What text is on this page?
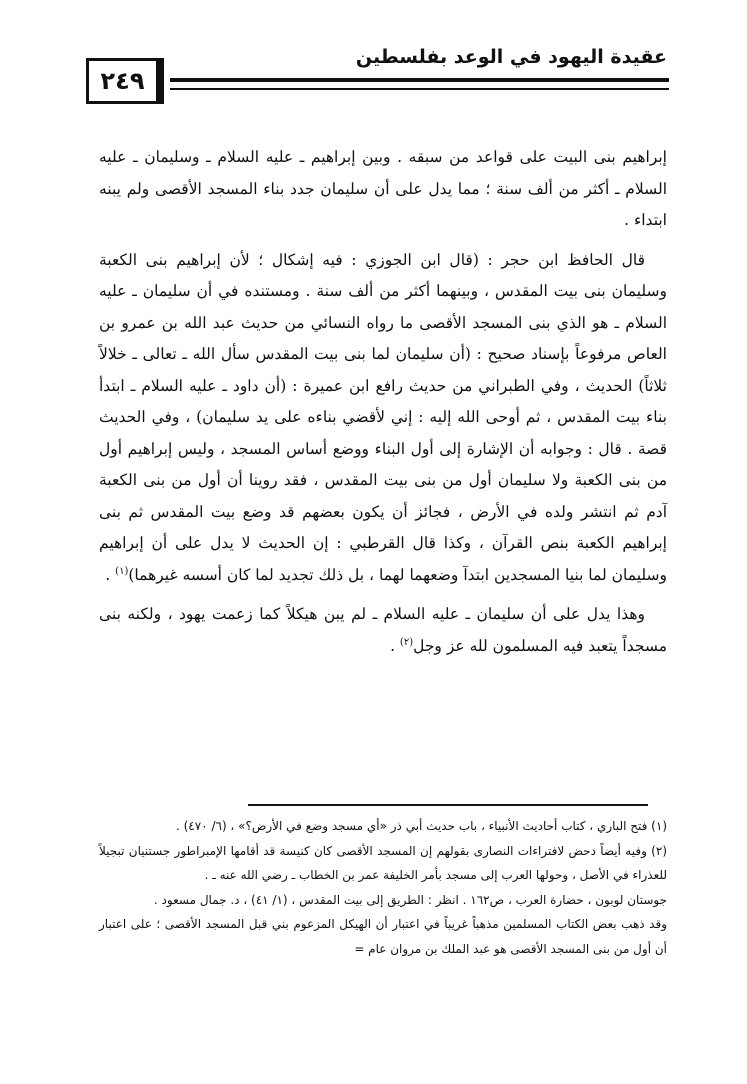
عقيدة اليهود في الوعد بفلسطين
٢٤٩

إبراهيم بنى البيت على قواعد من سبقه . وبين إبراهيم ـ عليه السلام ـ وسليمان ـ عليه السلام ـ أكثر من ألف سنة ؛ مما يدل على أن سليمان جدد بناء المسجد الأقصى ولم يبنه ابتداء .

قال الحافظ ابن حجر : (قال ابن الجوزي : فيه إشكال ؛ لأن إبراهيم بنى الكعبة وسليمان بنى بيت المقدس ، وبينهما أكثر من ألف سنة . ومستنده في أن سليمان ـ عليه السلام ـ هو الذي بنى المسجد الأقصى ما رواه النسائي من حديث عبد الله بن عمرو بن العاص مرفوعاً بإسناد صحيح : (أن سليمان لما بنى بيت المقدس سأل الله ـ تعالى ـ خلالاً ثلاثاً) الحديث ، وفي الطبراني من حديث رافع ابن عميرة : (أن داود ـ عليه السلام ـ ابتدأ بناء بيت المقدس ، ثم أوحى الله إليه : إني لأقضي بناءه على يد سليمان) ، وفي الحديث قصة . قال : وجوابه أن الإشارة إلى أول البناء ووضع أساس المسجد ، وليس إبراهيم أول من بنى الكعبة ولا سليمان أول من بنى بيت المقدس ، فقد روينا أن أول من بنى الكعبة آدم ثم انتشر ولده في الأرض ، فجائز أن يكون بعضهم قد وضع بيت المقدس ثم بنى إبراهيم الكعبة بنص القرآن ، وكذا قال القرطبي : إن الحديث لا يدل على أن إبراهيم وسليمان لما بنيا المسجدين ابتدآ وضعهما لهما ، بل ذلك تجديد لما كان أسسه غيرهما)$^{(١)}$ .

وهذا يدل على أن سليمان ـ عليه السلام ـ لم يبن هيكلاً كما زعمت يهود ، ولكنه بنى مسجداً يتعبد فيه المسلمون لله عز وجل$^{(٢)}$ .

(١) فتح الباري ، كتاب أحاديث الأنبياء ، باب حديث أبي ذر «أي مسجد وضع في الأرض؟» ، (٦/ ٤٧٠) .

(٢) وفيه أيضاً دحض لافتراءات النصارى بقولهم إن المسجد الأقصى كان كنيسة قد أقامها الإمبراطور جستنيان تبجيلاً للعذراء في الأصل ، وحولها العرب إلى مسجد بأمر الخليفة عمر بن الخطاب ـ رضي الله عنه ـ .

جوستان لوبون ، حضارة العرب ، ص١٦٢ . انظر : الطريق إلى بيت المقدس ، (١/ ٤١) ، د. جمال مسعود .

وقد ذهب بعض الكتاب المسلمين مذهباً غريباً في اعتبار أن الهيكل المزعوم بني قبل المسجد الأقصى ؛ على اعتبار أن أول من بنى المسجد الأقصى هو عبد الملك بن مروان عام =
